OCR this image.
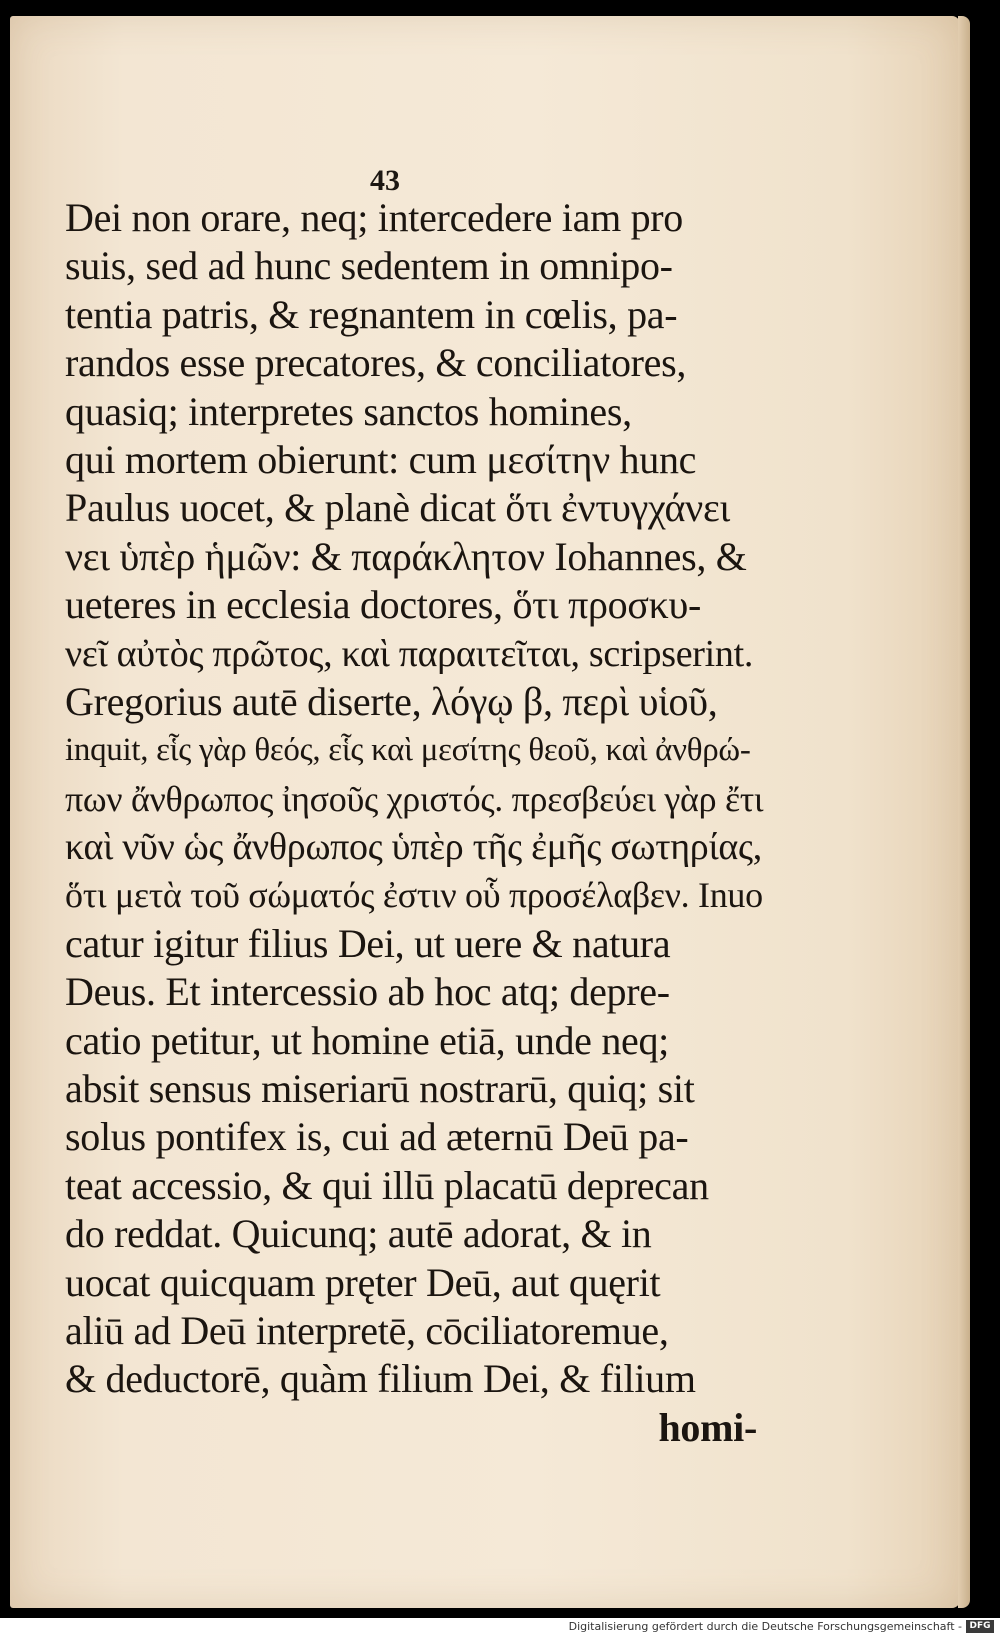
43
Dei non orare, neq; intercedere iam pro
suis, sed ad hunc sedentem in omnipo-
tentia patris, & regnantem in cœlis, pa-
randos esse precatores, & conciliatores,
quasiq; interpretes sanctos homines,
qui mortem obierunt: cum μεσίτην hunc
Paulus uocet, & planè dicat ὅτι ἐντυγχάνει
νει ὑπὲρ ἡμῶν: & παράκλητον Iohannes, &
ueteres in ecclesia doctores, ὅτι προσκυ-
νεῖ αὐτὸς πρῶτος, καὶ παραιτεῖται, scripserint.
Gregorius autē diserte, λόγῳ β, περὶ υἱοῦ,
inquit, εἷς γὰρ θεός, εἷς καὶ μεσίτης θεοῦ, καὶ ἀνθρώ-
πων ἄνθρωπος ἰησοῦς χριστός. πρεσβεύει γὰρ ἔτι
καὶ νῦν ὡς ἄνθρωπος ὑπὲρ τῆς ἐμῆς σωτηρίας,
ὅτι μετὰ τοῦ σώματός ἐστιν οὗ προσέλαβεν. Inuo
catur igitur filius Dei, ut uere & natura
Deus. Et intercessio ab hoc atq; depre-
catio petitur, ut homine etiā, unde neq;
absit sensus miseriarū nostrarū, quiq; sit
solus pontifex is, cui ad æternū Deū pa-
teat accessio, & qui illū placatū deprecan
do reddat. Quicunq; autē adorat, & in
uocat quicquam pręter Deū, aut quęrit
aliū ad Deū interpretē, cōciliatoremue,
& deductorē, quàm filium Dei, & filium
homi-
Digitalisierung gefördert durch die Deutsche Forschungsgemeinschaft - DFG
